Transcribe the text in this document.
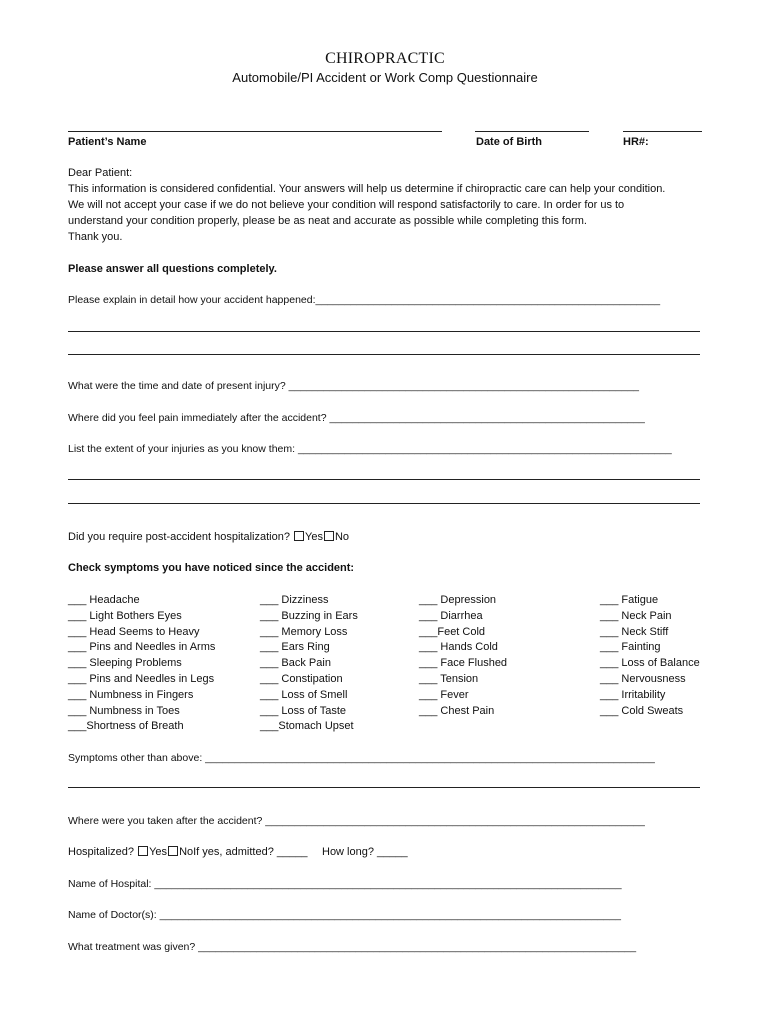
CHIROPRACTIC
Automobile/PI Accident or Work Comp Questionnaire
Patient’s Name	Date of Birth	HR#:
Dear Patient:
This information is considered confidential. Your answers will help us determine if chiropractic care can help your condition.
We will not accept your case if we do not believe your condition will respond satisfactorily to care. In order for us to
understand your condition properly, please be as neat and accurate as possible while completing this form.
Thank you.
Please answer all questions completely.
Please explain in detail how your accident happened:___________________________________________________________
What were the time and date of present injury? ____________________________________________________________
Where did you feel pain immediately after the accident? ______________________________________________________
List the extent of your injuries as you know them: ________________________________________________________________
Did you require post-accident hospitalization? Yes No
Check symptoms you have noticed since the accident:
___ Headache
___ Light Bothers Eyes
___ Head Seems to Heavy
___ Pins and Needles in Arms
___ Sleeping Problems
___ Pins and Needles in Legs
___ Numbness in Fingers
___ Numbness in Toes
___Shortness of Breath
___ Dizziness
___ Buzzing in Ears
___ Memory Loss
___ Ears Ring
___ Back Pain
___ Constipation
___ Loss of Smell
___ Loss of Taste
___Stomach Upset
___ Depression
___ Diarrhea
___Feet Cold
___ Hands Cold
___ Face Flushed
___ Tension
___ Fever
___ Chest Pain
___ Fatigue
___ Neck Pain
___ Neck Stiff
___ Fainting
___ Loss of Balance
___ Nervousness
___ Irritability
___ Cold Sweats
Symptoms other than above: _____________________________________________________________________________
Where were you taken after the accident? _________________________________________________________________
Hospitalized? Yes NoIf yes, admitted? _____ How long? _____
Name of Hospital: ________________________________________________________________________________
Name of Doctor(s): _______________________________________________________________________________
What treatment was given? ___________________________________________________________________________
